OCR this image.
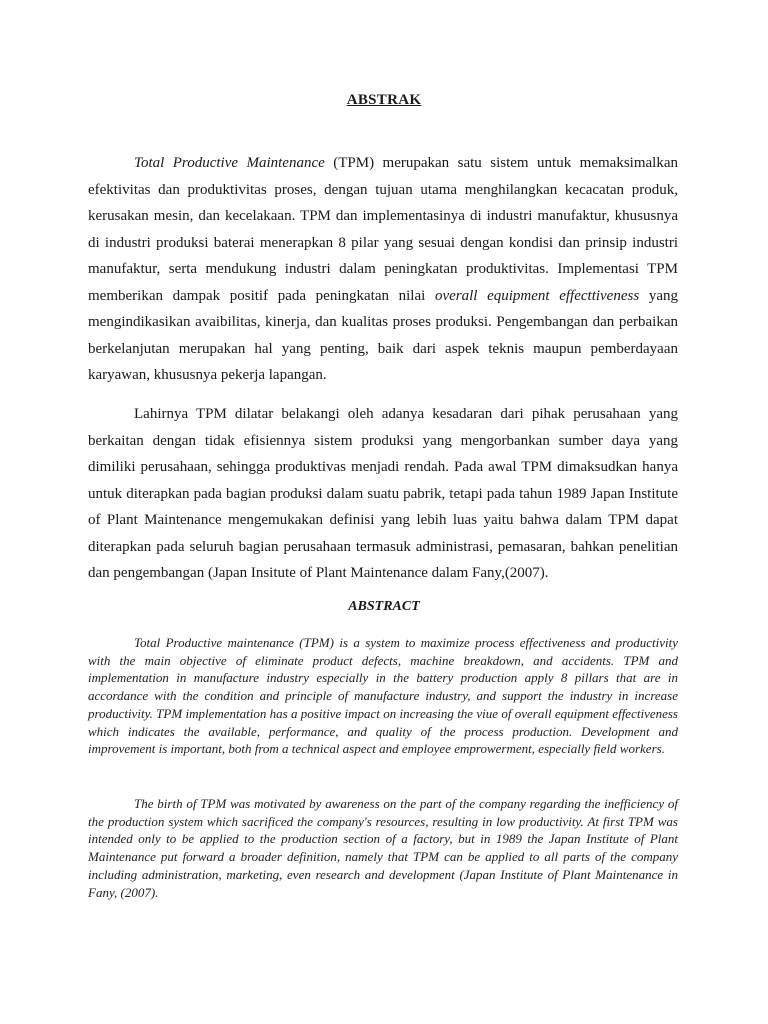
ABSTRAK

Total Productive Maintenance (TPM) merupakan satu sistem untuk memaksimalkan efektivitas dan produktivitas proses, dengan tujuan utama menghilangkan kecacatan produk, kerusakan mesin, dan kecelakaan. TPM dan implementasinya di industri manufaktur, khususnya di industri produksi baterai menerapkan 8 pilar yang sesuai dengan kondisi dan prinsip industri manufaktur, serta mendukung industri dalam peningkatan produktivitas. Implementasi TPM memberikan dampak positif pada peningkatan nilai overall equipment effecttiveness yang mengindikasikan avaibilitas, kinerja, dan kualitas proses produksi. Pengembangan dan perbaikan berkelanjutan merupakan hal yang penting, baik dari aspek teknis maupun pemberdayaan karyawan, khususnya pekerja lapangan.

Lahirnya TPM dilatar belakangi oleh adanya kesadaran dari pihak perusahaan yang berkaitan dengan tidak efisiennya sistem produksi yang mengorbankan sumber daya yang dimiliki perusahaan, sehingga produktivas menjadi rendah. Pada awal TPM dimaksudkan hanya untuk diterapkan pada bagian produksi dalam suatu pabrik, tetapi pada tahun 1989 Japan Institute of Plant Maintenance mengemukakan definisi yang lebih luas yaitu bahwa dalam TPM dapat diterapkan pada seluruh bagian perusahaan termasuk administrasi, pemasaran, bahkan penelitian dan pengembangan (Japan Insitute of Plant Maintenance dalam Fany,(2007).

ABSTRACT

Total Productive maintenance (TPM) is a system to maximize process effectiveness and productivity with the main objective of eliminate product defects, machine breakdown, and accidents. TPM and implementation in manufacture industry especially in the battery production apply 8 pillars that are in accordance with the condition and principle of manufacture industry, and support the industry in increase productivity. TPM implementation has a positive impact on increasing the viue of overall equipment effectiveness which indicates the available, performance, and quality of the process production. Development and improvement is important, both from a technical aspect and employee emprowerment, especially field workers.

The birth of TPM was motivated by awareness on the part of the company regarding the inefficiency of the production system which sacrificed the company's resources, resulting in low productivity. At first TPM was intended only to be applied to the production section of a factory, but in 1989 the Japan Institute of Plant Maintenance put forward a broader definition, namely that TPM can be applied to all parts of the company including administration, marketing, even research and development (Japan Institute of Plant Maintenance in Fany, (2007).
